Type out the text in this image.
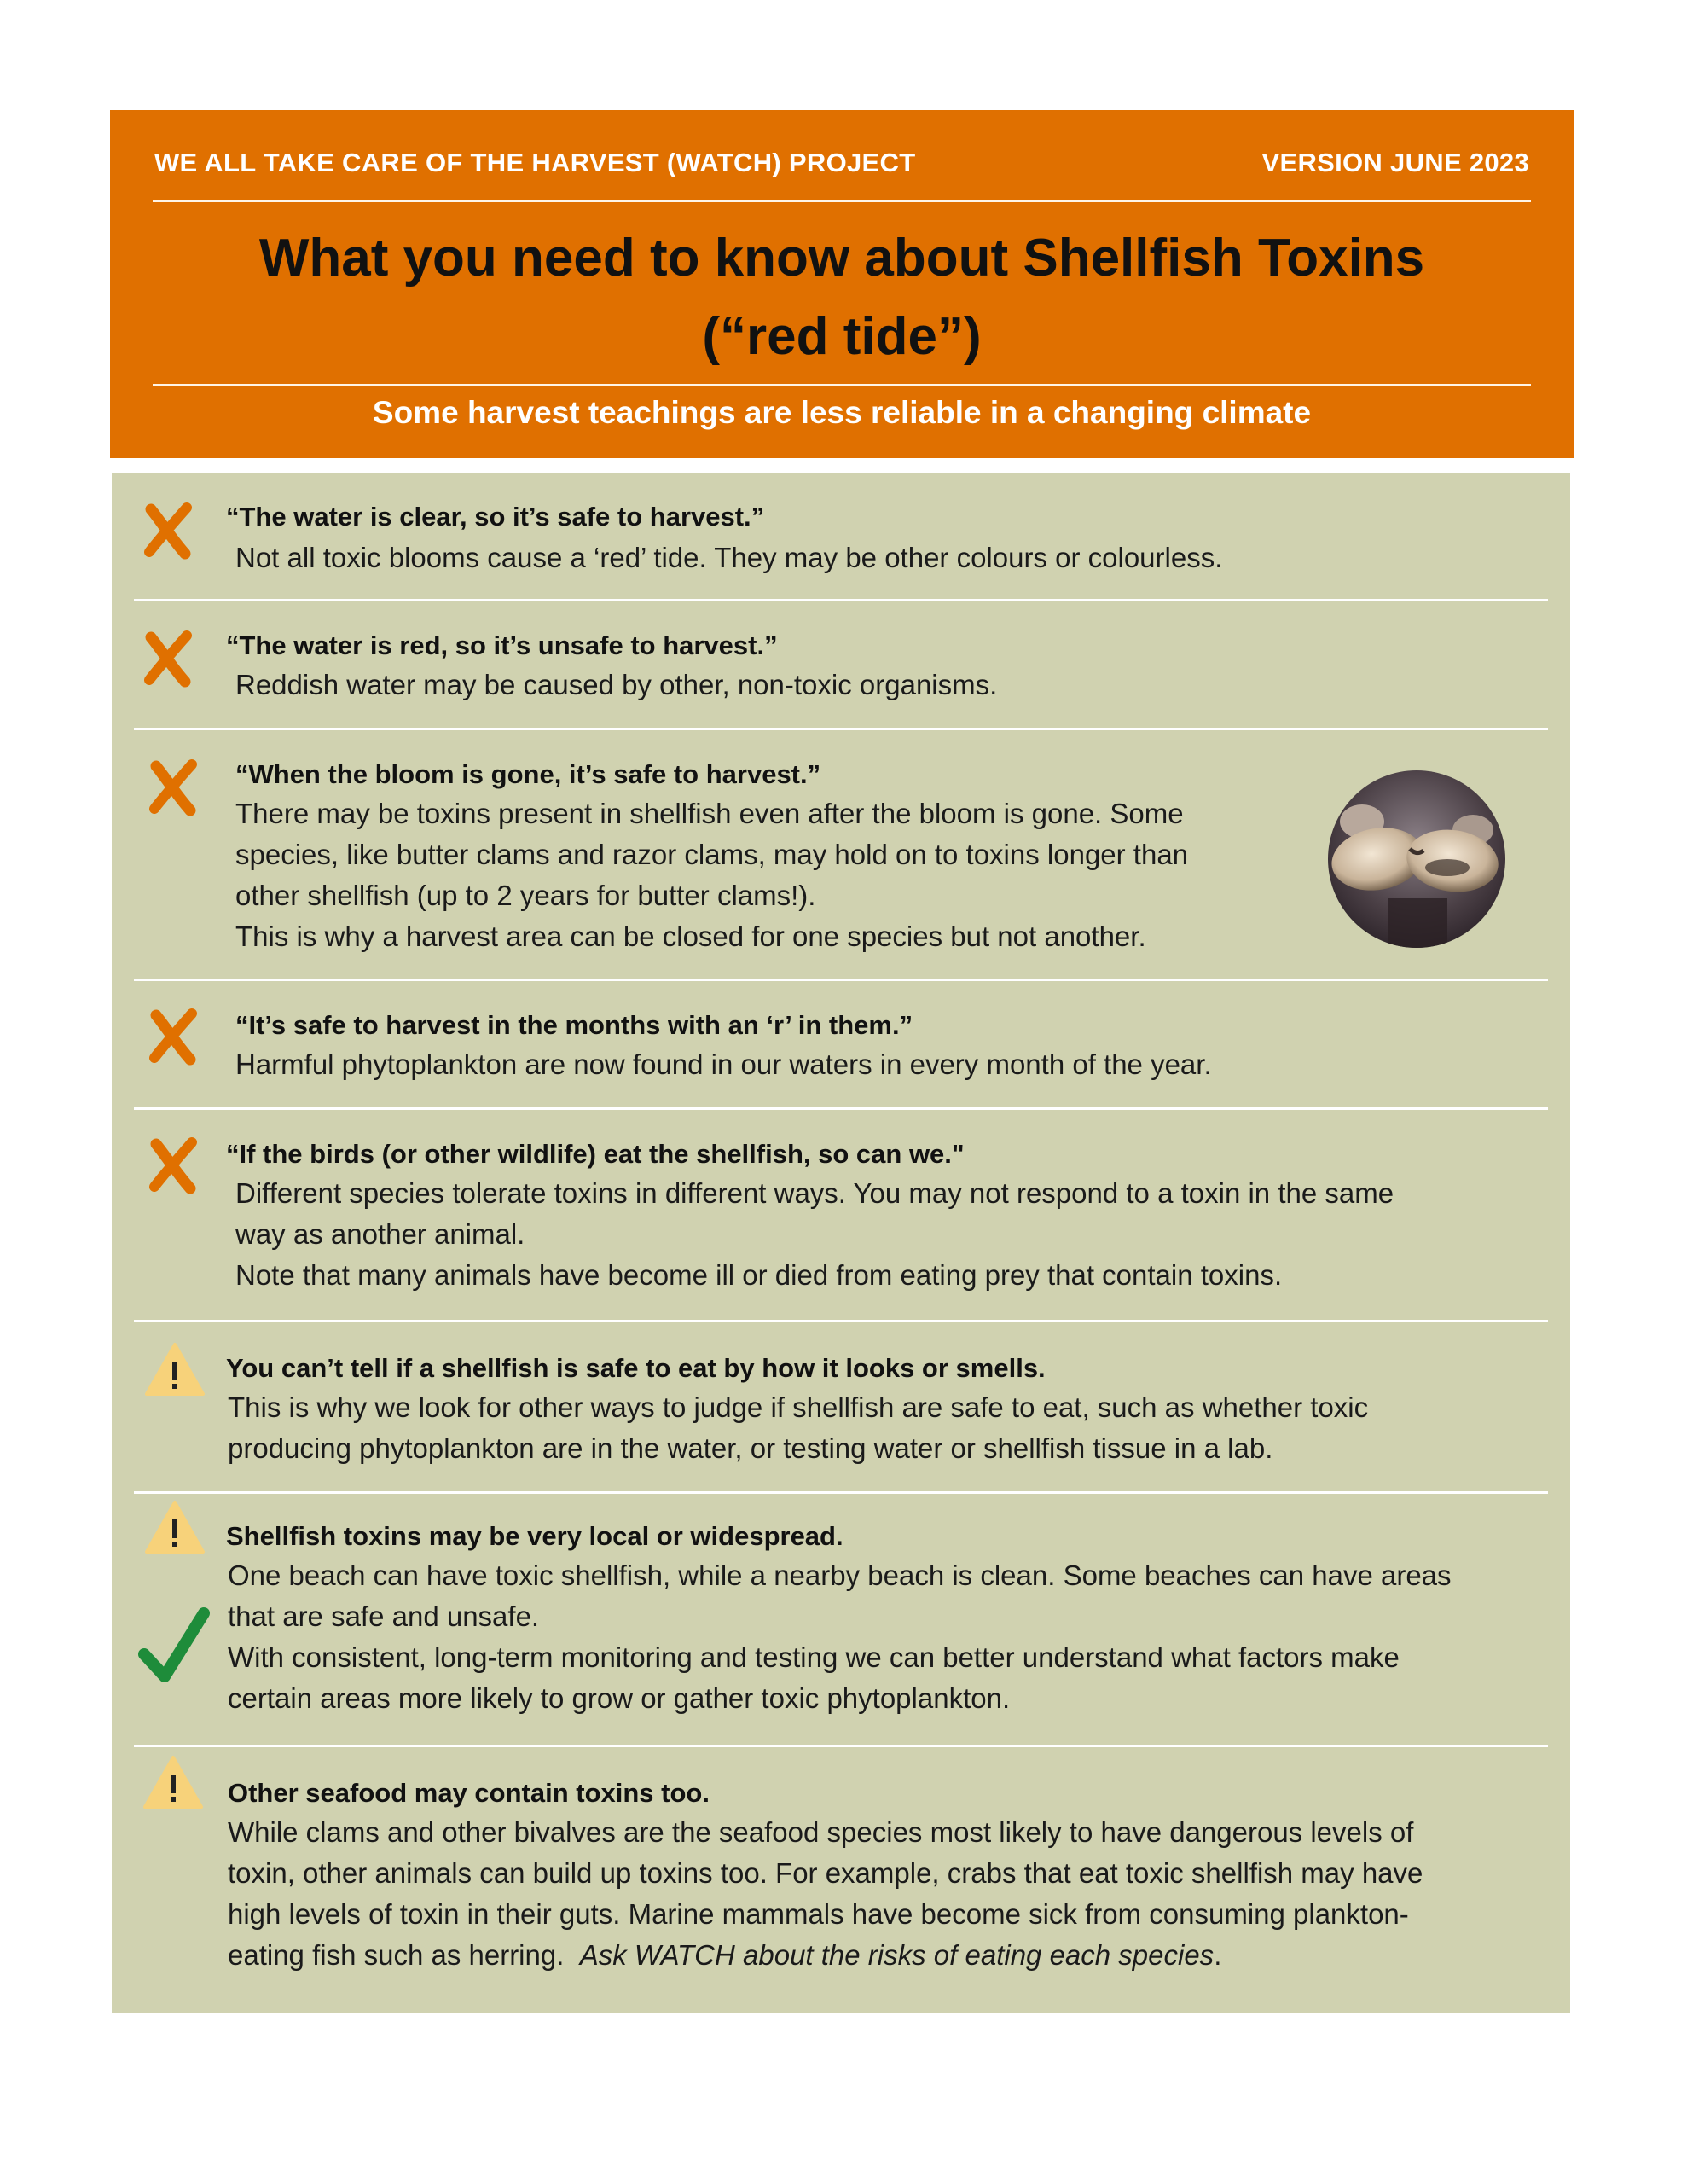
WE ALL TAKE CARE OF THE HARVEST (WATCH) PROJECT	VERSION JUNE 2023
What you need to know about Shellfish Toxins
(“red tide”)
Some harvest teachings are less reliable in a changing climate
“The water is clear, so it’s safe to harvest.”

Not all toxic blooms cause a ‘red’ tide. They may be other colours or colourless.

“The water is red, so it’s unsafe to harvest.”

Reddish water may be caused by other, non-toxic organisms.

“When the bloom is gone, it’s safe to harvest.”

There may be toxins present in shellfish even after the bloom is gone. Some

species, like butter clams and razor clams, may hold on to toxins longer than

other shellfish (up to 2 years for butter clams!).

This is why a harvest area can be closed for one species but not another.

“It’s safe to harvest in the months with an ‘r’ in them.”

Harmful phytoplankton are now found in our waters in every month of the year.

“If the birds (or other wildlife) eat the shellfish, so can we."

Different species tolerate toxins in different ways. You may not respond to a toxin in the same

way as another animal.

Note that many animals have become ill or died from eating prey that contain toxins.

You can’t tell if a shellfish is safe to eat by how it looks or smells.

This is why we look for other ways to judge if shellfish are safe to eat, such as whether toxic

producing phytoplankton are in the water, or testing water or shellfish tissue in a lab.

Shellfish toxins may be very local or widespread.

One beach can have toxic shellfish, while a nearby beach is clean. Some beaches can have areas

that are safe and unsafe.

With consistent, long-term monitoring and testing we can better understand what factors make

certain areas more likely to grow or gather toxic phytoplankton.

Other seafood may contain toxins too.

While clams and other bivalves are the seafood species most likely to have dangerous levels of

toxin, other animals can build up toxins too. For example, crabs that eat toxic shellfish may have

high levels of toxin in their guts. Marine mammals have become sick from consuming plankton-

eating fish such as herring.  Ask WATCH about the risks of eating each species.
